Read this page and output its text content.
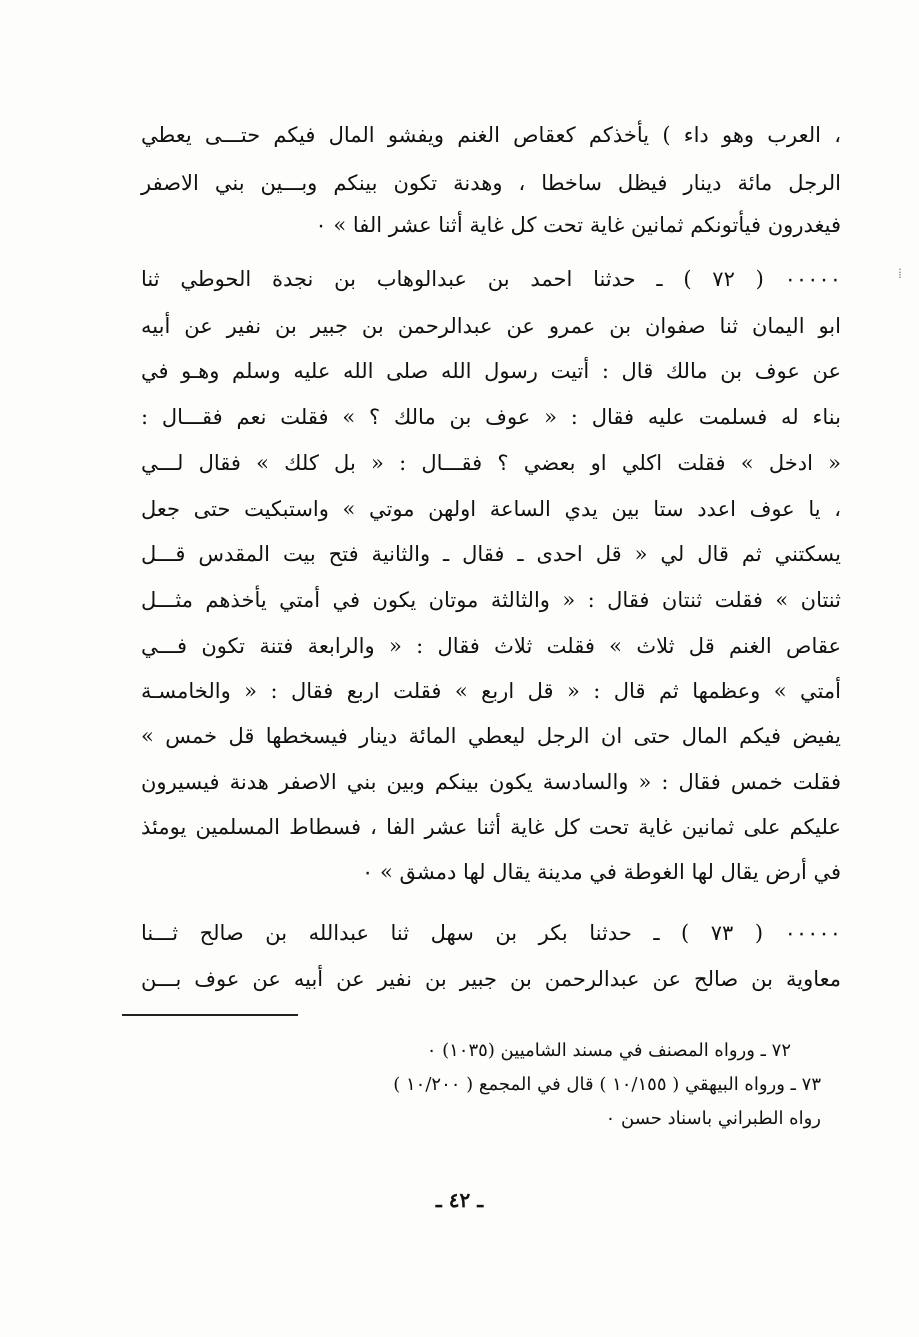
، العرب وهو داء ) يأخذكم كعقاص الغنم ويفشو المال فيكم حتـــى يعطي
الرجل مائة دينار فيظل ساخطا ، وهدنة تكون بينكم وبـــين بني الاصفر
فيغدرون فيأتونكم ثمانين غاية تحت كل غاية أثنا عشر الفا » ٠
٠٠٠٠٠ ( ٧٢ ) ـ حدثنا احمد بن عبدالوهاب بن نجدة الحوطي ثنا
ابو اليمان ثنا صفوان بن عمرو عن عبدالرحمن بن جبير بن نفير عن أبيه
عن عوف بن مالك قال : أتيت رسول الله صلى الله عليه وسلم وهـو في
بناء له فسلمت عليه فقال : « عوف بن مالك ؟ » فقلت نعم فقـــال :
« ادخل » فقلت اكلي او بعضي ؟ فقـــال : « بل كلك » فقال لـــي
، يا عوف اعدد ستا بين يدي الساعة اولهن موتي » واستبكيت حتى جعل
يسكتني ثم قال لي « قل احدى ـ فقال ـ والثانية فتح بيت المقدس قـــل
ثنتان » فقلت ثنتان فقال : « والثالثة موتان يكون في أمتي يأخذهم مثـــل
عقاص الغنم قل ثلاث » فقلت ثلاث فقال : « والرابعة فتنة تكون فـــي
أمتي » وعظمها ثم قال : « قل اربع » فقلت اربع فقال : « والخامسـة
يفيض فيكم المال حتى ان الرجل ليعطي المائة دينار فيسخطها قل خمس »
فقلت خمس فقال : « والسادسة يكون بينكم وبين بني الاصفر هدنة فيسيرون
عليكم على ثمانين غاية تحت كل غاية أثنا عشر الفا ، فسطاط المسلمين يومئذ
في أرض يقال لها الغوطة في مدينة يقال لها دمشق » ٠
٠٠٠٠٠ ( ٧٣ ) ـ حدثنا بكر بن سهل ثنا عبدالله بن صالح ثـــنا
معاوية بن صالح عن عبدالرحمن بن جبير بن نفير عن أبيه عن عوف بـــن
٧٢ ـ ورواه المصنف في مسند الشاميين (١٠٣٥) ٠
٧٣ ـ ورواه البيهقي ( ١٠/١٥٥ ) قال في المجمع ( ١٠/٢٠٠ )
رواه الطبراني باسناد حسن ٠
ـ ٤٢ ـ
⁞
